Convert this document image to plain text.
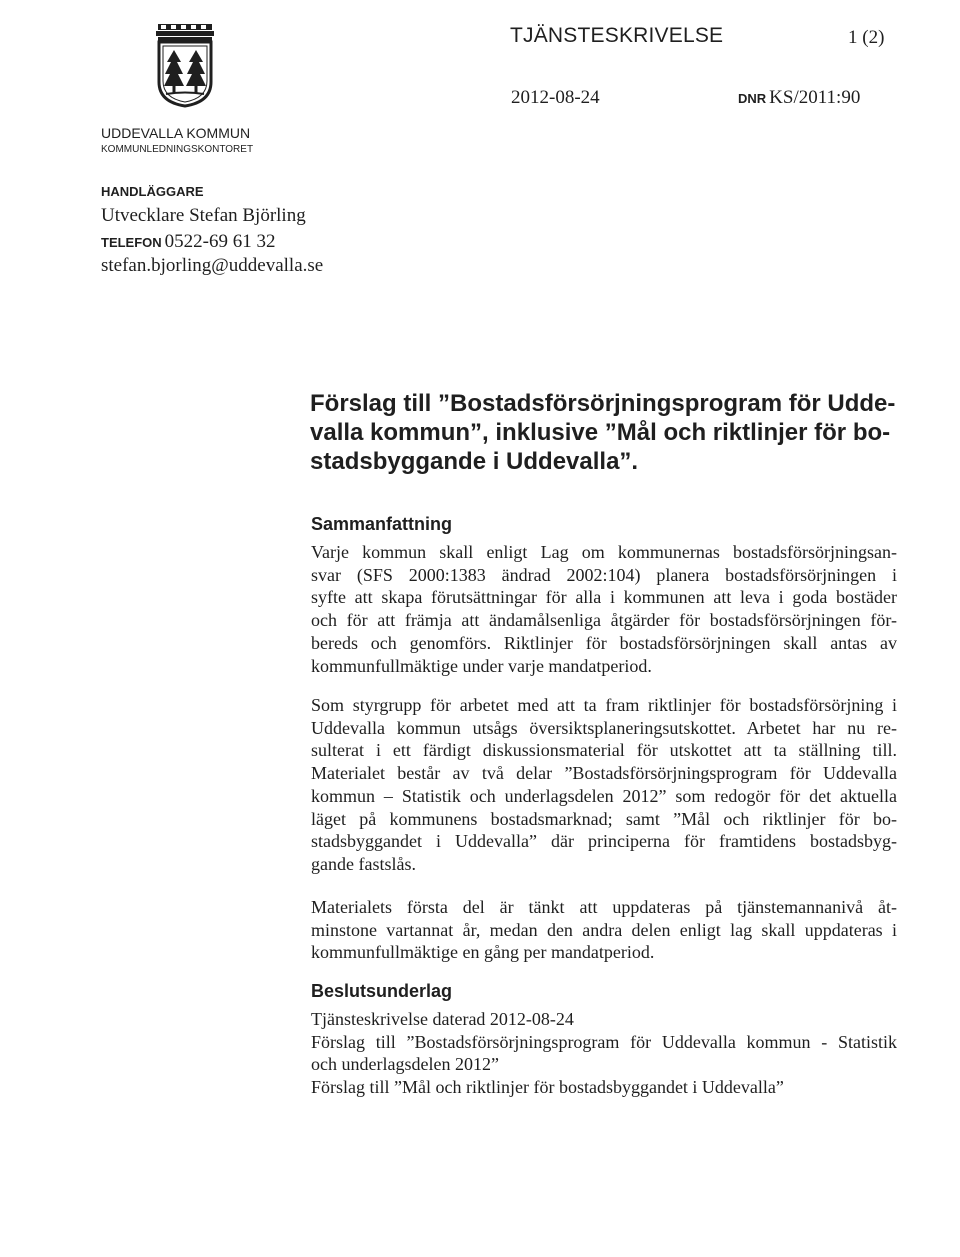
TJÄNSTESKRIVELSE	1 (2)
2012-08-24	DNR KS/2011:90
UDDEVALLA KOMMUN
KOMMUNLEDNINGSKONTORET
HANDLÄGGARE
Utvecklare Stefan Björling
TELEFON 0522-69 61 32
stefan.bjorling@uddevalla.se
Förslag till ”Bostadsförsörjningsprogram för Udde-
valla kommun”, inklusive ”Mål och riktlinjer för bo-
stadsbyggande i Uddevalla”.
Sammanfattning
Varje kommun skall enligt Lag om kommunernas bostadsförsörjningsan-
svar (SFS 2000:1383 ändrad 2002:104) planera bostadsförsörjningen i
syfte att skapa förutsättningar för alla i kommunen att leva i goda bostäder
och för att främja att ändamålsenliga åtgärder för bostadsförsörjningen för-
bereds och genomförs. Riktlinjer för bostadsförsörjningen skall antas av
kommunfullmäktige under varje mandatperiod.
Som styrgrupp för arbetet med att ta fram riktlinjer för bostadsförsörjning i
Uddevalla kommun utsågs översiktsplaneringsutskottet. Arbetet har nu re-
sulterat i ett färdigt diskussionsmaterial för utskottet att ta ställning till.
Materialet består av två delar ”Bostadsförsörjningsprogram för Uddevalla
kommun – Statistik och underlagsdelen 2012” som redogör för det aktuella
läget på kommunens bostadsmarknad; samt ”Mål och riktlinjer för bo-
stadsbyggandet i Uddevalla” där principerna för framtidens bostadsbyg-
gande fastslås.
Materialets första del är tänkt att uppdateras på tjänstemannanivå åt-
minstone vartannat år, medan den andra delen enligt lag skall uppdateras i
kommunfullmäktige en gång per mandatperiod.
Beslutsunderlag
Tjänsteskrivelse daterad 2012-08-24
Förslag till ”Bostadsförsörjningsprogram för Uddevalla kommun - Statistik
och underlagsdelen 2012”
Förslag till ”Mål och riktlinjer för bostadsbyggandet i Uddevalla”
